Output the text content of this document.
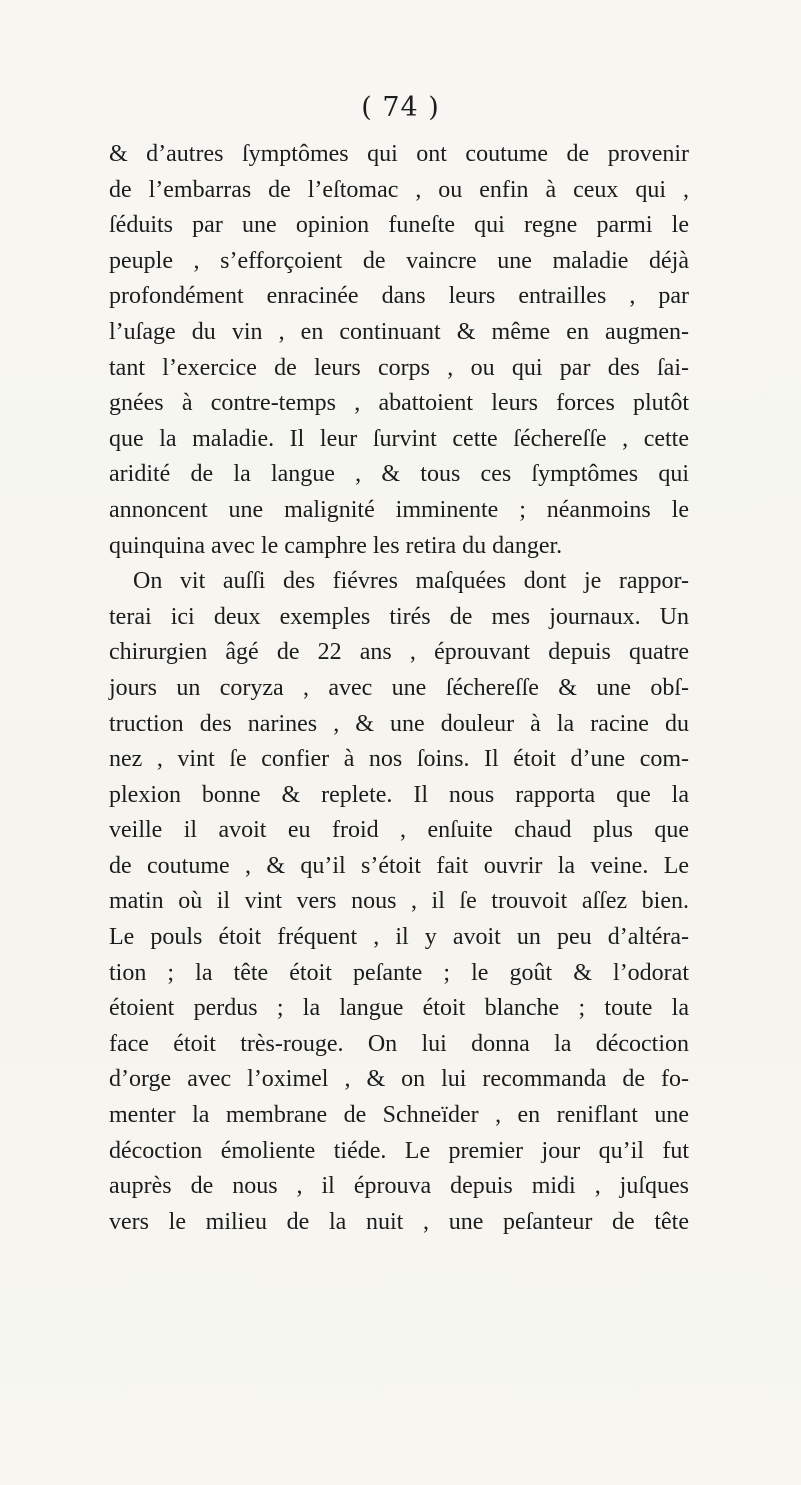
( 74 )
& d’autres ſymptômes qui ont coutume de provenir
de l’embarras de l’eſtomac , ou enfin à ceux qui ,
ſéduits par une opinion funeſte qui regne parmi le
peuple , s’efforçoient de vaincre une maladie déjà
profondément enracinée dans leurs entrailles , par
l’uſage du vin , en continuant & même en augmen-
tant l’exercice de leurs corps , ou qui par des ſai-
gnées à contre-temps , abattoient leurs forces plutôt
que la maladie. Il leur ſurvint cette ſéchereſſe , cette
aridité de la langue , & tous ces ſymptômes qui
annoncent une malignité imminente ; néanmoins le
quinquina avec le camphre les retira du danger.
On vit auſſi des fiévres maſquées dont je rappor-
terai ici deux exemples tirés de mes journaux. Un
chirurgien âgé de 22 ans , éprouvant depuis quatre
jours un coryza , avec une ſéchereſſe & une obſ-
truction des narines , & une douleur à la racine du
nez , vint ſe confier à nos ſoins. Il étoit d’une com-
plexion bonne & replete. Il nous rapporta que la
veille il avoit eu froid , enſuite chaud plus que
de coutume , & qu’il s’étoit fait ouvrir la veine. Le
matin où il vint vers nous , il ſe trouvoit aſſez bien.
Le pouls étoit fréquent , il y avoit un peu d’altéra-
tion ; la tête étoit peſante ; le goût & l’odorat
étoient perdus ; la langue étoit blanche ; toute la
face étoit très-rouge. On lui donna la décoction
d’orge avec l’oximel , & on lui recommanda de fo-
menter la membrane de Schneïder , en reniflant une
décoction émoliente tiéde. Le premier jour qu’il fut
auprès de nous , il éprouva depuis midi , juſques
vers le milieu de la nuit , une peſanteur de tête
